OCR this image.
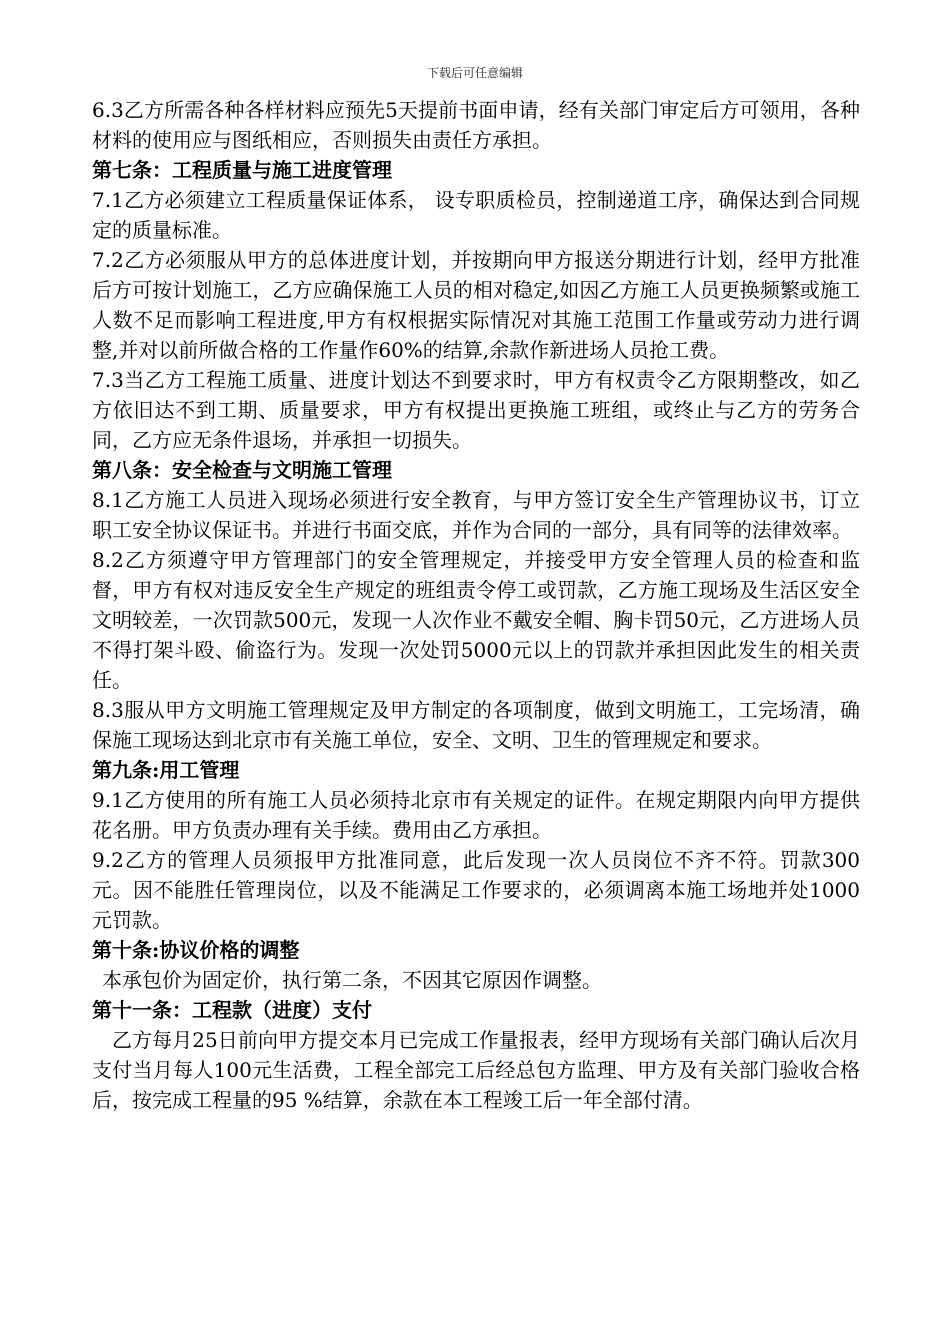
下载后可任意编辑

6.3乙方所需各种各样材料应预先5天提前书面申请，经有关部门审定后方可领用，各种材料的使用应与图纸相应，否则损失由责任方承担。

第七条：工程质量与施工进度管理

7.1乙方必须建立工程质量保证体系， 设专职质检员，控制递道工序，确保达到合同规定的质量标准。

7.2乙方必须服从甲方的总体进度计划，并按期向甲方报送分期进行计划，经甲方批准后方可按计划施工，乙方应确保施工人员的相对稳定,如因乙方施工人员更换频繁或施工人数不足而影响工程进度,甲方有权根据实际情况对其施工范围工作量或劳动力进行调整,并对以前所做合格的工作量作60%的结算,余款作新进场人员抢工费。

7.3当乙方工程施工质量、进度计划达不到要求时，甲方有权责令乙方限期整改，如乙方依旧达不到工期、质量要求，甲方有权提出更换施工班组，或终止与乙方的劳务合同，乙方应无条件退场，并承担一切损失。

第八条：安全检查与文明施工管理

8.1乙方施工人员进入现场必须进行安全教育，与甲方签订安全生产管理协议书，订立职工安全协议保证书。并进行书面交底，并作为合同的一部分，具有同等的法律效率。

8.2乙方须遵守甲方管理部门的安全管理规定，并接受甲方安全管理人员的检查和监督，甲方有权对违反安全生产规定的班组责令停工或罚款，乙方施工现场及生活区安全文明较差，一次罚款500元，发现一人次作业不戴安全帽、胸卡罚50元，乙方进场人员不得打架斗殴、偷盗行为。发现一次处罚5000元以上的罚款并承担因此发生的相关责任。

8.3服从甲方文明施工管理规定及甲方制定的各项制度，做到文明施工，工完场清，确保施工现场达到北京市有关施工单位，安全、文明、卫生的管理规定和要求。

第九条:用工管理

9.1乙方使用的所有施工人员必须持北京市有关规定的证件。在规定期限内向甲方提供花名册。甲方负责办理有关手续。费用由乙方承担。

9.2乙方的管理人员须报甲方批准同意，此后发现一次人员岗位不齐不符。罚款300元。因不能胜任管理岗位，以及不能满足工作要求的，必须调离本施工场地并处1000元罚款。

第十条:协议价格的调整

本承包价为固定价，执行第二条，不因其它原因作调整。

第十一条：工程款（进度）支付

乙方每月25日前向甲方提交本月已完成工作量报表，经甲方现场有关部门确认后次月支付当月每人100元生活费，工程全部完工后经总包方监理、甲方及有关部门验收合格后，按完成工程量的95 %结算，余款在本工程竣工后一年全部付清。
